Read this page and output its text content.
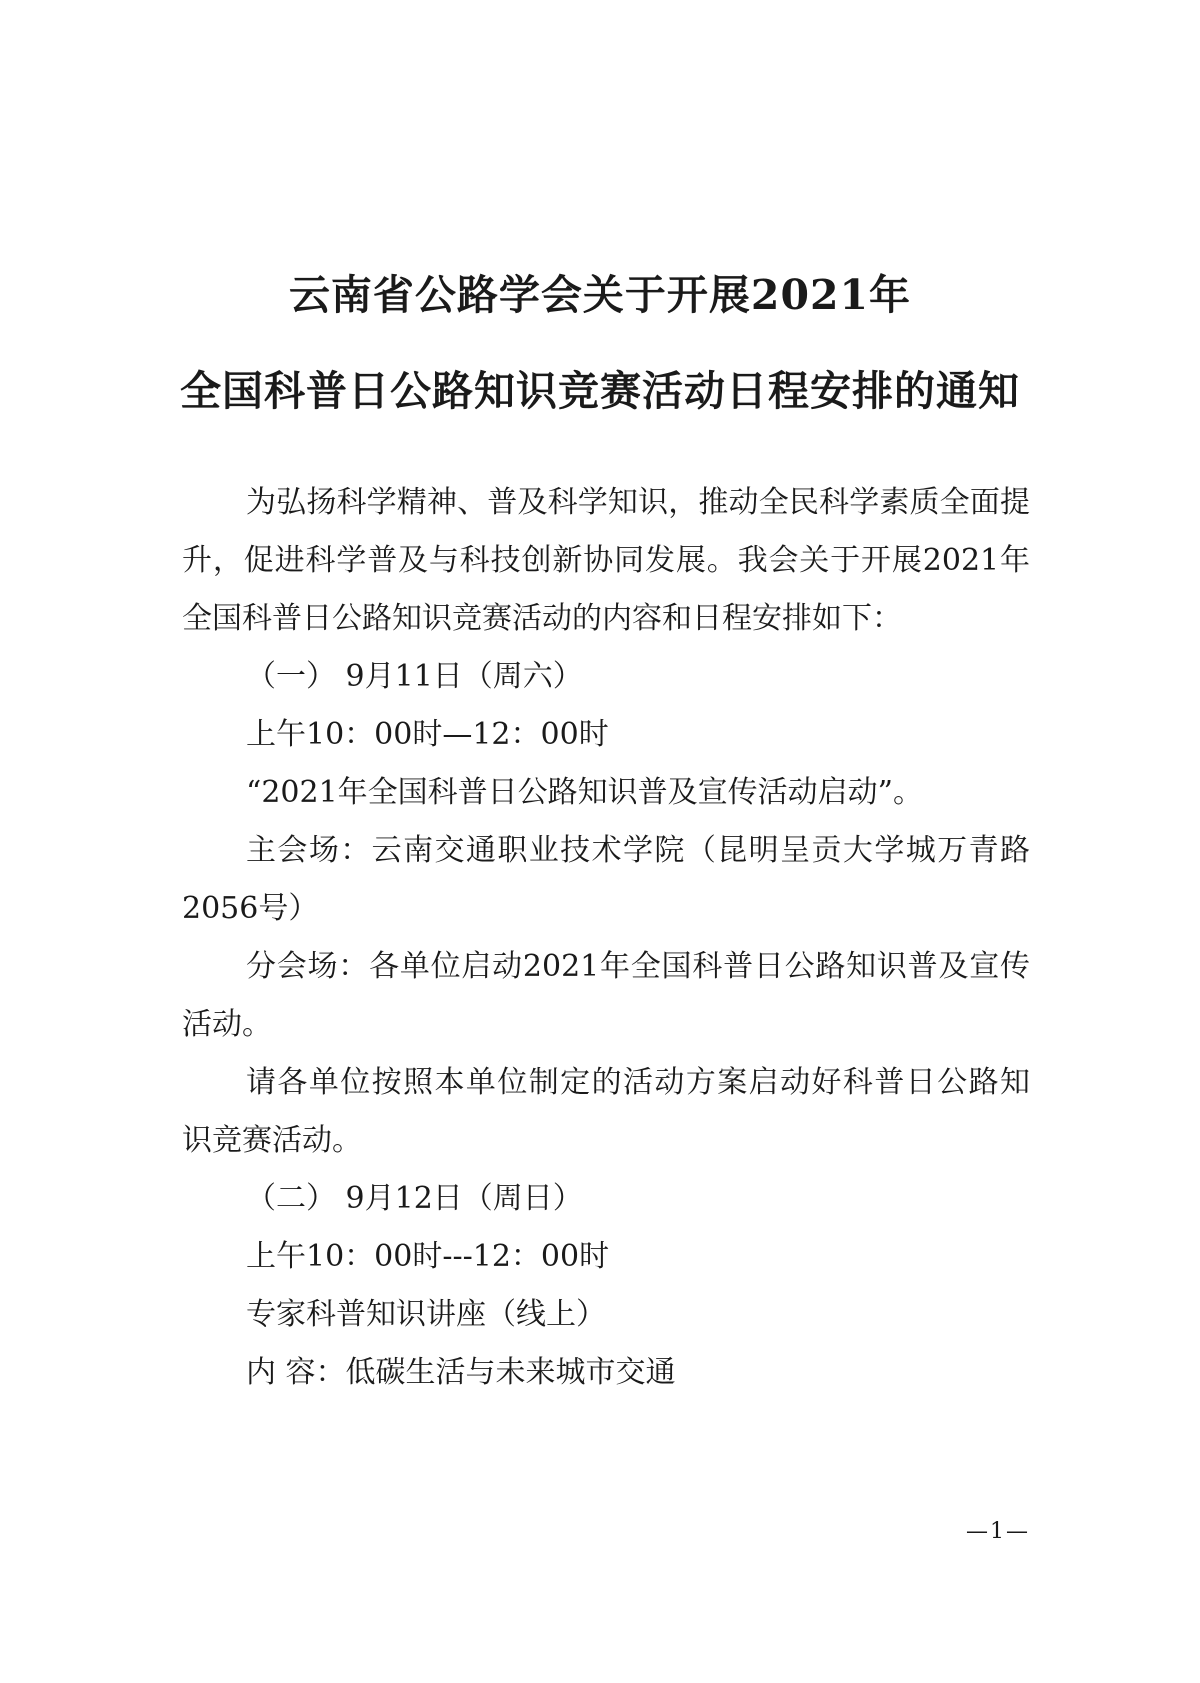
云南省公路学会关于开展2021年
全国科普日公路知识竞赛活动日程安排的通知
为弘扬科学精神、普及科学知识，推动全民科学素质全面提
升，促进科学普及与科技创新协同发展。我会关于开展2021年
全国科普日公路知识竞赛活动的内容和日程安排如下：
（一） 9月11日（周六）
上午10：00时—12：00时
“2021年全国科普日公路知识普及宣传活动启动”。
主会场：云南交通职业技术学院（昆明呈贡大学城万青路
2056号）
分会场：各单位启动2021年全国科普日公路知识普及宣传
活动。
请各单位按照本单位制定的活动方案启动好科普日公路知
识竞赛活动。
（二） 9月12日（周日）
上午10：00时---12：00时
专家科普知识讲座（线上）
内 容：低碳生活与未来城市交通
—1—
